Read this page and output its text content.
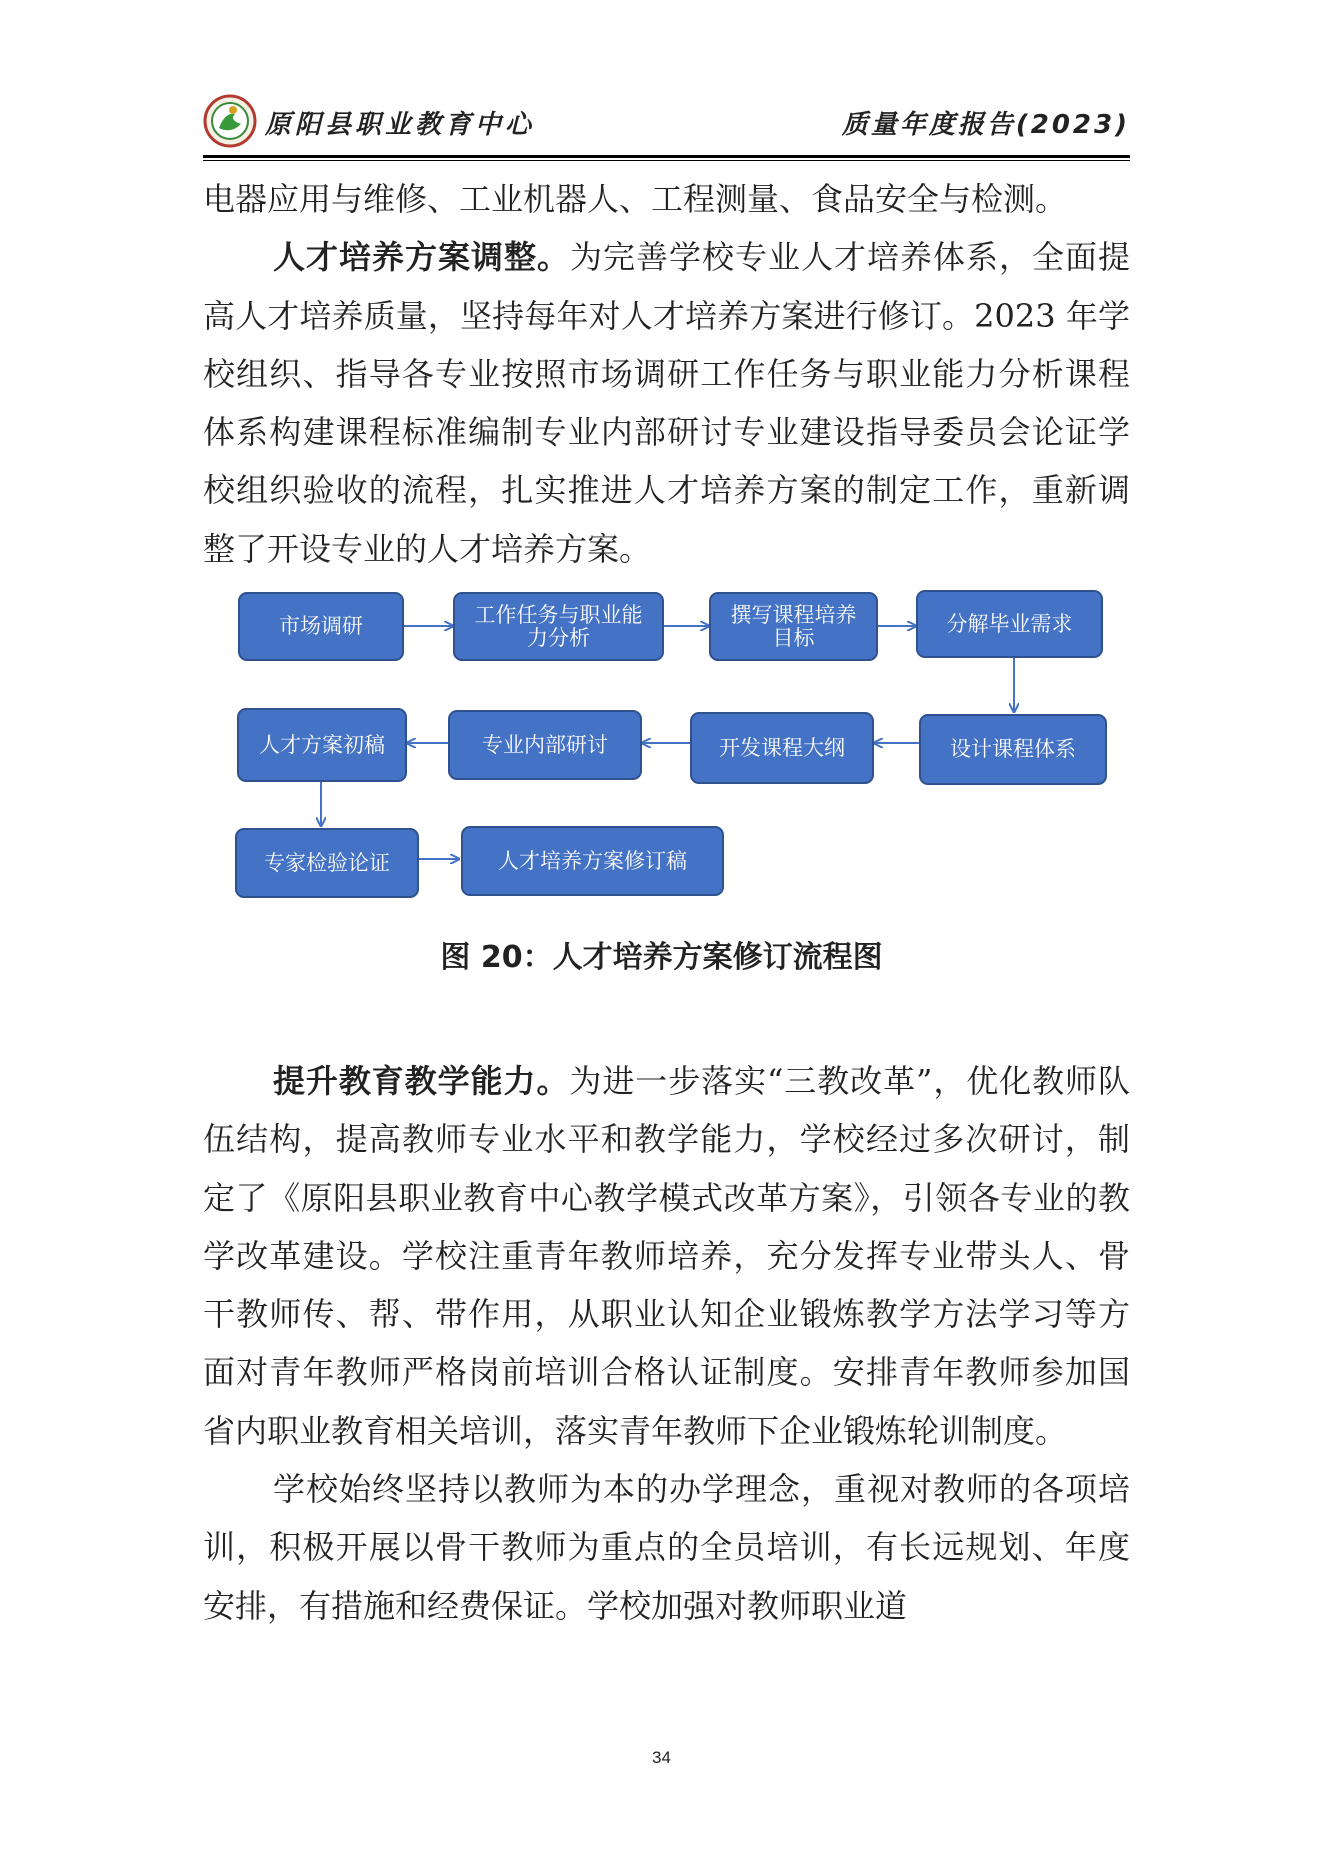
原阳县职业教育中心	质量年度报告(2023)

电器应用与维修、工业机器人、工程测量、食品安全与检测。

人才培养方案调整。为完善学校专业人才培养体系，全面提高人才培养质量，坚持每年对人才培养方案进行修订。2023 年学校组织、指导各专业按照市场调研工作任务与职业能力分析课程体系构建课程标准编制专业内部研讨专业建设指导委员会论证学校组织验收的流程，扎实推进人才培养方案的制定工作，重新调整了开设专业的人才培养方案。

市场调研	工作任务与职业能力分析
撰写课程培养目标
分解毕业需求
设计课程体系
开发课程大纲
专业内部研讨
人才方案初稿
专家检验论证	人才培养方案修订稿
图 20：人才培养方案修订流程图

提升教育教学能力。为进一步落实“三教改革”，优化教师队伍结构，提高教师专业水平和教学能力，学校经过多次研讨，制定了《原阳县职业教育中心教学模式改革方案》，引领各专业的教学改革建设。学校注重青年教师培养，充分发挥专业带头人、骨干教师传、帮、带作用，从职业认知企业锻炼教学方法学习等方面对青年教师严格岗前培训合格认证制度。安排青年教师参加国省内职业教育相关培训，落实青年教师下企业锻炼轮训制度。

学校始终坚持以教师为本的办学理念，重视对教师的各项培训，积极开展以骨干教师为重点的全员培训，有长远规划、年度安排，有措施和经费保证。学校加强对教师职业道

34
